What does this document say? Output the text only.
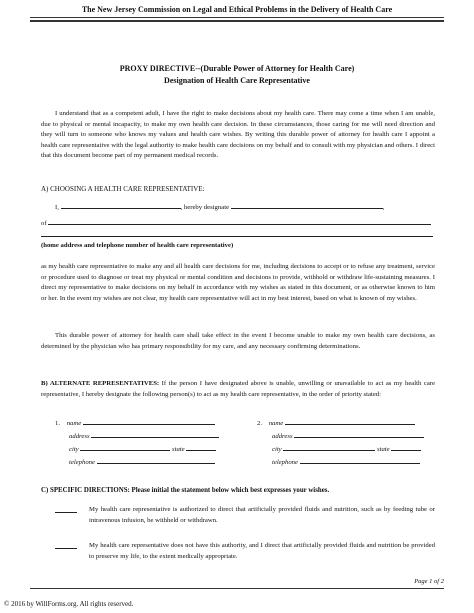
The New Jersey Commission on Legal and Ethical Problems in the Delivery of Health Care
PROXY DIRECTIVE--(Durable Power of Attorney for Health Care)
Designation of Health Care Representative
I understand that as a competent adult, I have the right to make decisions about my health care. There may come a time when I am unable, due to physical or mental incapacity, to make my own health care decision. In these circumstances, those caring for me will need direction and they will turn to someone who knows my values and health care wishes. By writing this durable power of attorney for health care I appoint a health care representative with the legal authority to make health care decisions on my behalf and to consult with my physician and others. I direct that this document become part of my permanent medical records.
A) CHOOSING A HEALTH CARE REPRESENTATIVE:
I,	, hereby designate	,
of
(home address and telephone number of health care representative)
as my health care representative to make any and all health care decisions for me, including decisions to accept or to refuse any treatment, service or procedure used to diagnose or treat my physical or mental condition and decisions to provide, withhold or withdraw life-sustaining measures. I direct my representative to make decisions on my behalf in accordance with my wishes as stated in this document, or as otherwise known to him or her. In the event my wishes are not clear, my health care representative will act in my best interest, based on what is known of my wishes.
This durable power of attorney for health care shall take effect in the event I become unable to make my own health care decisions, as determined by the physician who has primary responsibility for my care, and any necessary confirming determinations.
B) ALTERNATE REPRESENTATIVES: If the person I have designated above is unable, unwilling or unavailable to act as my health care representative, I hereby designate the following person(s) to act as my health care representative, in the order of priority stated:
1. name
address
city	state
telephone
2. name
address
city	state
telephone
C) SPECIFIC DIRECTIONS: Please initial the statement below which best expresses your wishes.
My health care representative is authorized to direct that artificially provided fluids and nutrition, such as by feeding tube or intravenous infusion, be withheld or withdrawn.
My health care representative does not have this authority, and I direct that artificially provided fluids and nutrition be provided to preserve my life, to the extent medically appropriate.
Page 1 of 2
© 2016 by WillForms.org. All rights reserved.
